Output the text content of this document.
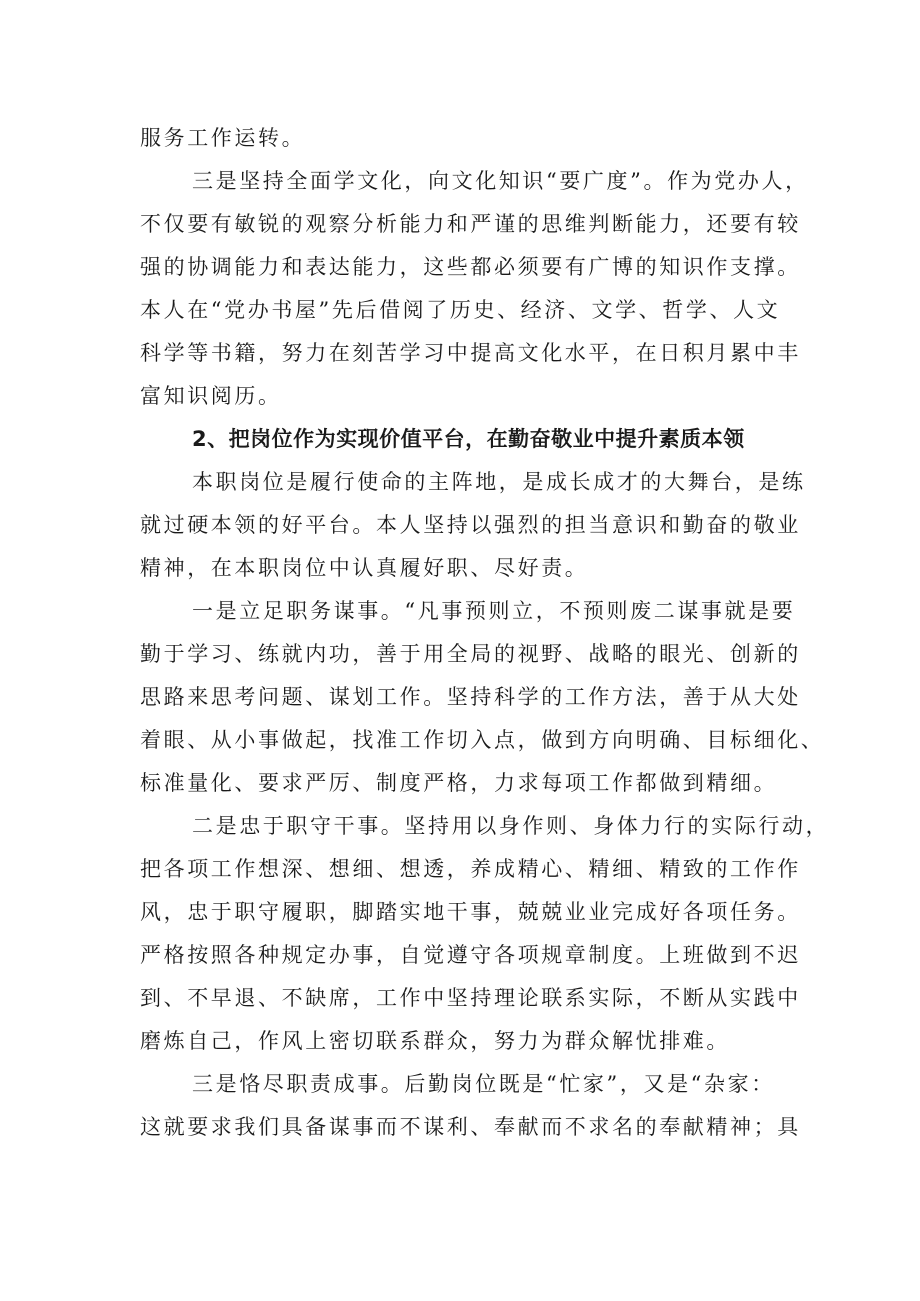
服务工作运转。
三是坚持全面学文化，向文化知识“要广度”。作为党办人，
不仅要有敏锐的观察分析能力和严谨的思维判断能力，还要有较
强的协调能力和表达能力，这些都必须要有广博的知识作支撑。
本人在“党办书屋”先后借阅了历史、经济、文学、哲学、人文
科学等书籍，努力在刻苦学习中提高文化水平，在日积月累中丰
富知识阅历。
2、把岗位作为实现价值平台，在勤奋敬业中提升素质本领
本职岗位是履行使命的主阵地，是成长成才的大舞台，是练
就过硬本领的好平台。本人坚持以强烈的担当意识和勤奋的敬业
精神，在本职岗位中认真履好职、尽好责。
一是立足职务谋事。“凡事预则立，不预则废二谋事就是要
勤于学习、练就内功，善于用全局的视野、战略的眼光、创新的
思路来思考问题、谋划工作。坚持科学的工作方法，善于从大处
着眼、从小事做起，找准工作切入点，做到方向明确、目标细化、
标准量化、要求严厉、制度严格，力求每项工作都做到精细。
二是忠于职守干事。坚持用以身作则、身体力行的实际行动，
把各项工作想深、想细、想透，养成精心、精细、精致的工作作
风，忠于职守履职，脚踏实地干事，兢兢业业完成好各项任务。
严格按照各种规定办事，自觉遵守各项规章制度。上班做到不迟
到、不早退、不缺席，工作中坚持理论联系实际，不断从实践中
磨炼自己，作风上密切联系群众，努力为群众解忧排难。
三是恪尽职责成事。后勤岗位既是“忙家”，又是“杂家：
这就要求我们具备谋事而不谋利、奉献而不求名的奉献精神；具
